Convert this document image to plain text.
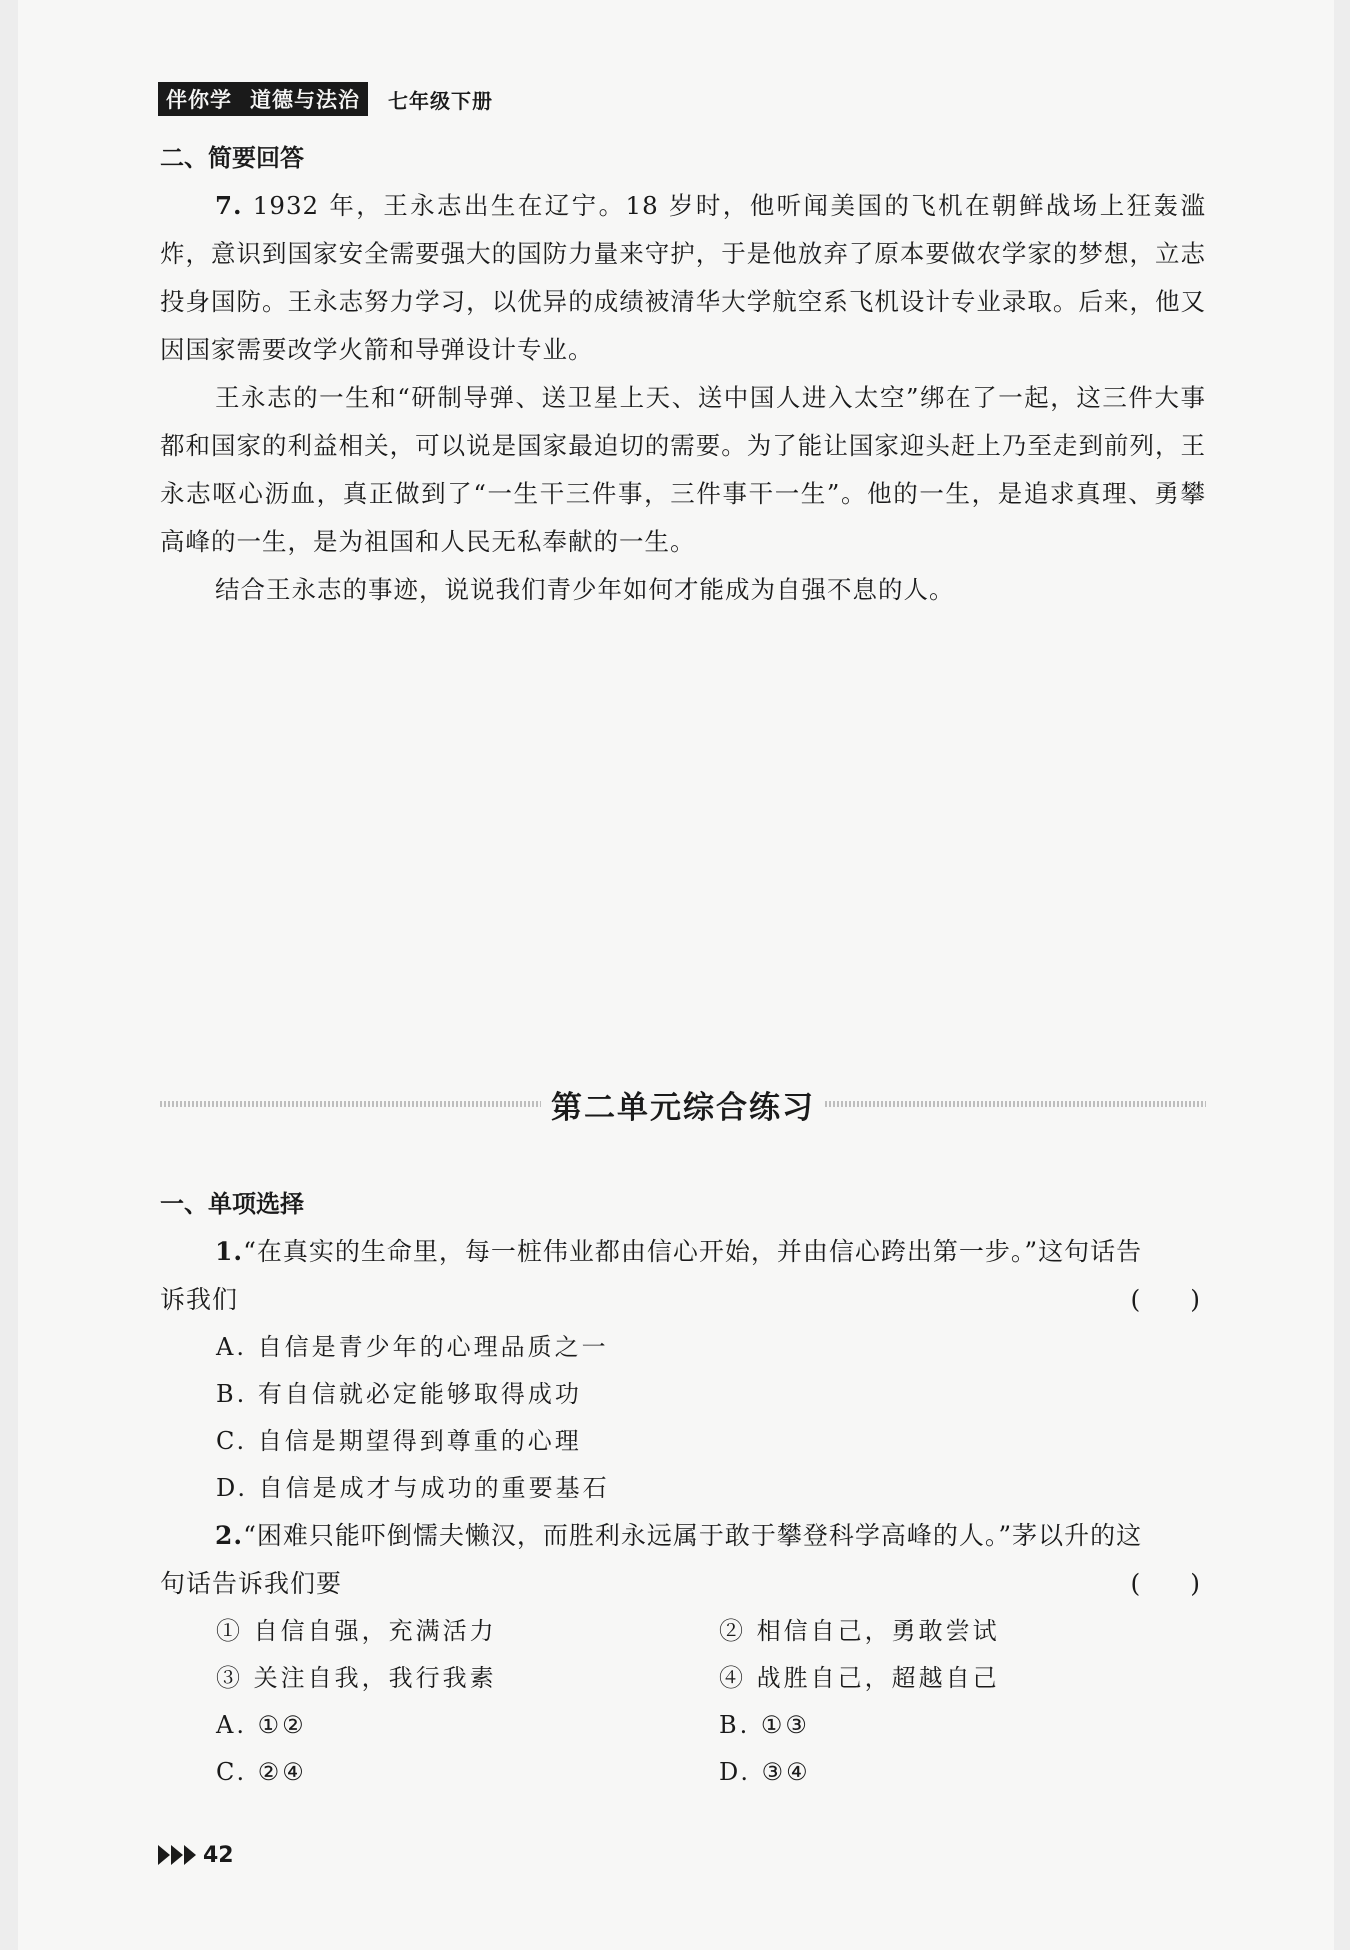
伴你学 道德与法治 七年级下册
二、简要回答

7. 1932 年，王永志出生在辽宁。18 岁时，他听闻美国的飞机在朝鲜战场上狂轰滥炸，意识到国家安全需要强大的国防力量来守护，于是他放弃了原本要做农学家的梦想，立志投身国防。王永志努力学习，以优异的成绩被清华大学航空系飞机设计专业录取。后来，他又因国家需要改学火箭和导弹设计专业。

王永志的一生和“研制导弹、送卫星上天、送中国人进入太空”绑在了一起，这三件大事都和国家的利益相关，可以说是国家最迫切的需要。为了能让国家迎头赶上乃至走到前列，王永志呕心沥血，真正做到了“一生干三件事，三件事干一生”。他的一生，是追求真理、勇攀高峰的一生，是为祖国和人民无私奉献的一生。

结合王永志的事迹，说说我们青少年如何才能成为自强不息的人。

第二单元综合练习
一、单项选择

1.“在真实的生命里，每一桩伟业都由信心开始，并由信心跨出第一步。”这句话告

诉我们	(　　)
A. 自信是青少年的心理品质之一
B. 有自信就必定能够取得成功
C. 自信是期望得到尊重的心理
D. 自信是成才与成功的重要基石

2.“困难只能吓倒懦夫懒汉，而胜利永远属于敢于攀登科学高峰的人。”茅以升的这

句话告诉我们要	(　　)
① 自信自强，充满活力	② 相信自己，勇敢尝试
③ 关注自我，我行我素	④ 战胜自己，超越自己
A. ①②	B. ①③
C. ②④	D. ③④
42
